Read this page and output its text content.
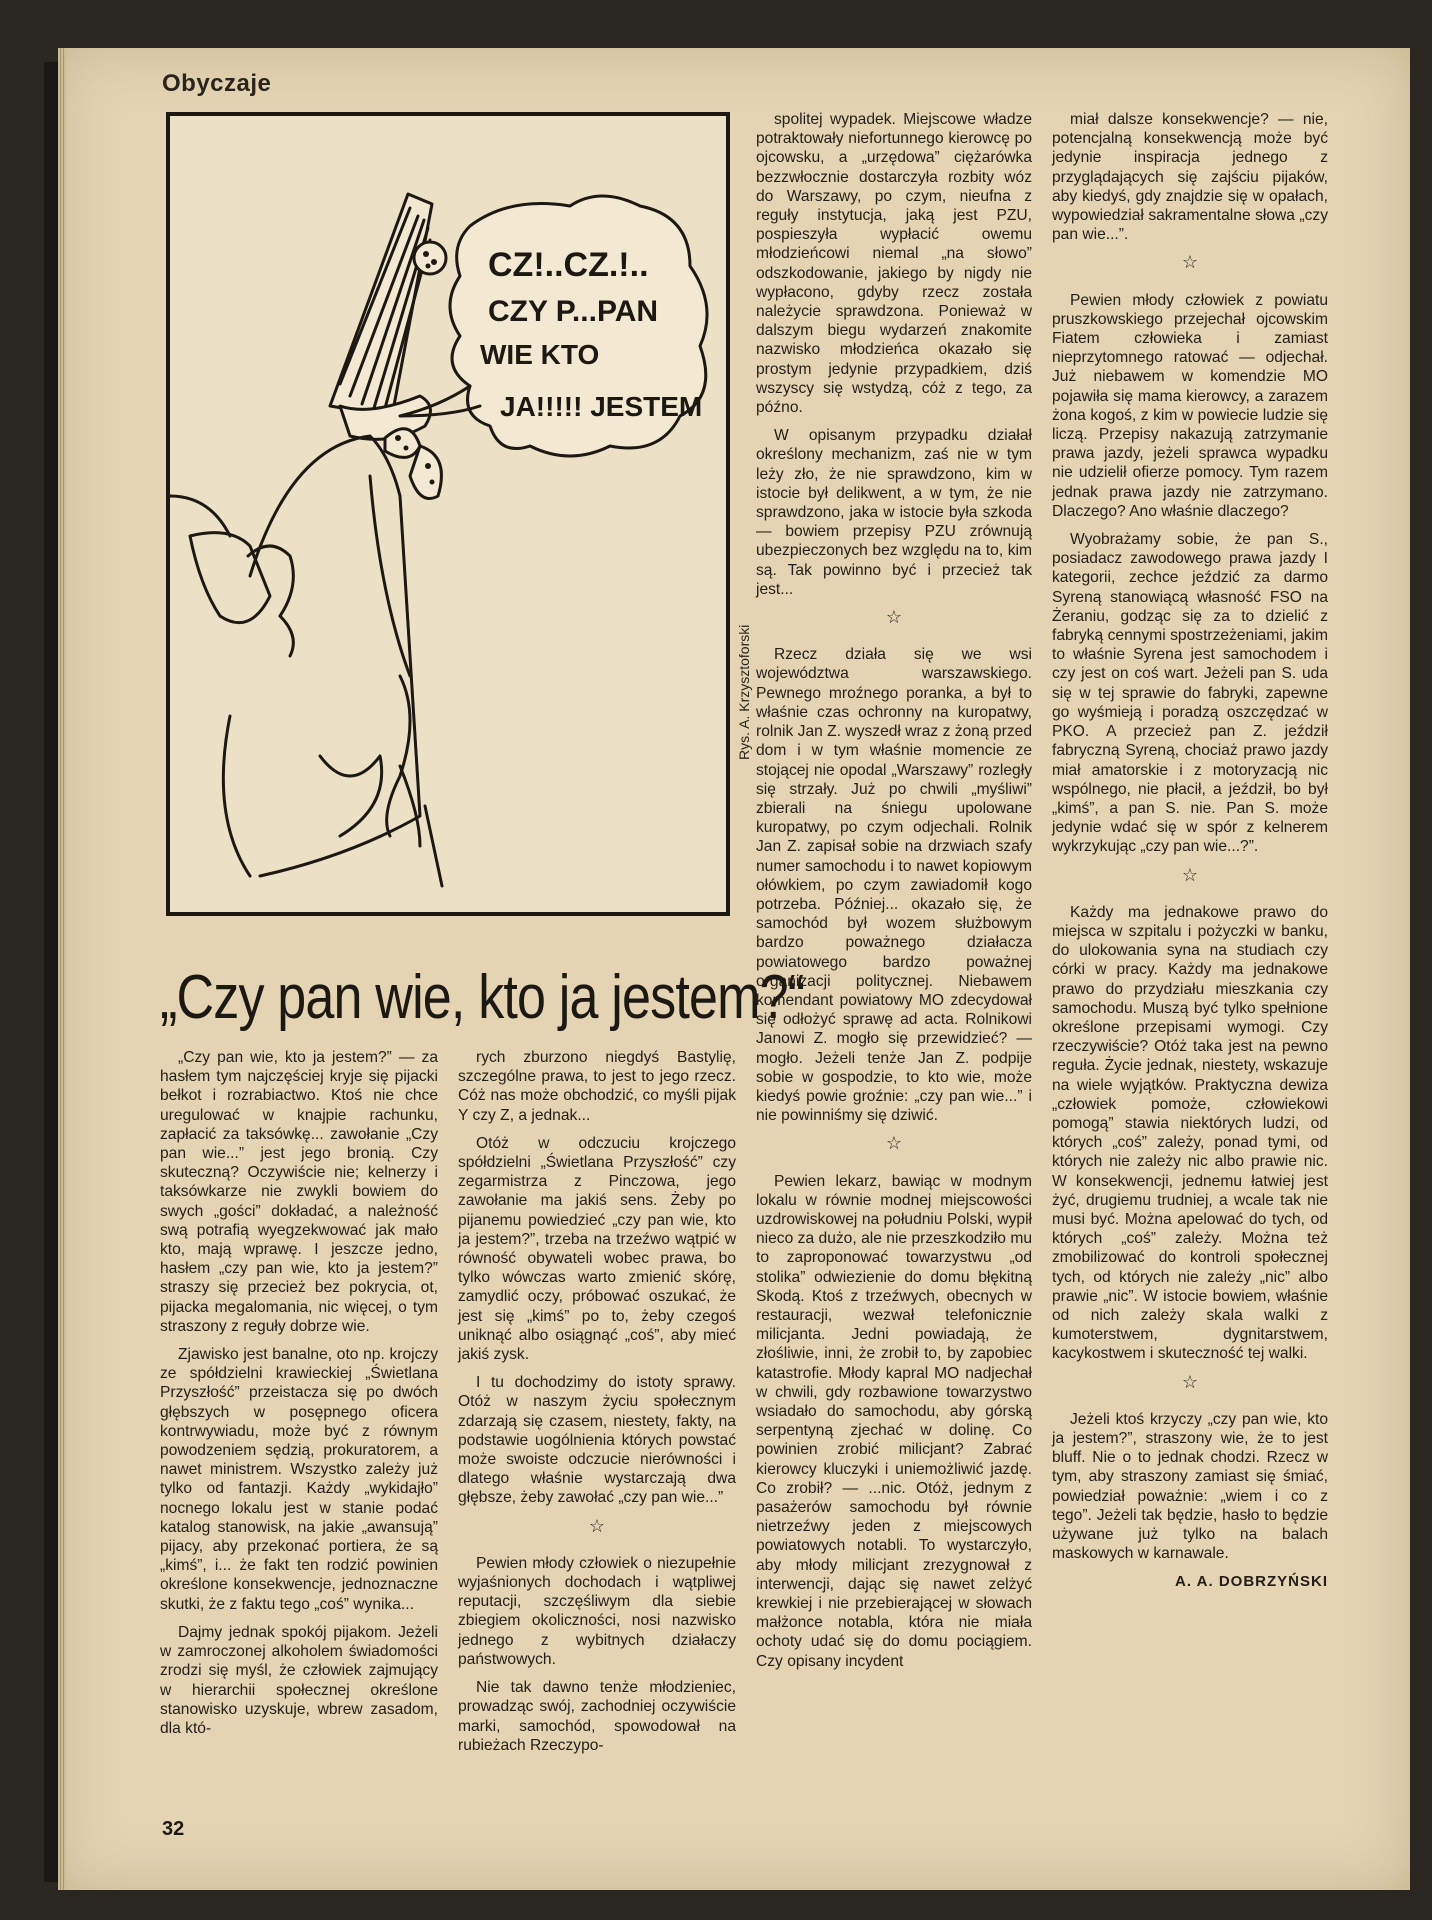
Obyczaje
CZ!..CZ.!..
CZY P...PAN
WIE KTO
JA!!!!! JESTEM
Rys. A. Krzysztoforski
„Czy pan wie, kto ja jestem?“

„Czy pan wie, kto ja jestem?” — za hasłem tym najczęściej kryje się pijacki bełkot i rozrabiactwo. Ktoś nie chce uregulować w knajpie rachunku, zapłacić za taksówkę... zawołanie „Czy pan wie...” jest jego bronią. Czy skuteczną? Oczywiście nie; kelnerzy i taksówkarze nie zwykli bowiem do swych „gości” dokładać, a należność swą potrafią wyegzekwować jak mało kto, mają wprawę. I jeszcze jedno, hasłem „czy pan wie, kto ja jestem?” straszy się przecież bez pokrycia, ot, pijacka megalomania, nic więcej, o tym straszony z reguły dobrze wie.

Zjawisko jest banalne, oto np. krojczy ze spółdzielni krawieckiej „Świetlana Przyszłość” przeistacza się po dwóch głębszych w posępnego oficera kontrwywiadu, może być z równym powodzeniem sędzią, prokuratorem, a nawet ministrem. Wszystko zależy już tylko od fantazji. Każdy „wykidajło” nocnego lokalu jest w stanie podać katalog stanowisk, na jakie „awansują” pijacy, aby przekonać portiera, że są „kimś”, i... że fakt ten rodzić powinien określone konsekwencje, jednoznaczne skutki, że z faktu tego „coś” wynika...

Dajmy jednak spokój pijakom. Jeżeli w zamroczonej alkoholem świadomości zrodzi się myśl, że człowiek zajmujący w hierarchii społecznej określone stanowisko uzyskuje, wbrew zasadom, dla któ-

rych zburzono niegdyś Bastylię, szczególne prawa, to jest to jego rzecz. Cóż nas może obchodzić, co myśli pijak Y czy Z, a jednak...

Otóż w odczuciu krojczego spółdzielni „Świetlana Przyszłość” czy zegarmistrza z Pinczowa, jego zawołanie ma jakiś sens. Żeby po pijanemu powiedzieć „czy pan wie, kto ja jestem?”, trzeba na trzeźwo wątpić w równość obywateli wobec prawa, bo tylko wówczas warto zmienić skórę, zamydlić oczy, próbować oszukać, że jest się „kimś” po to, żeby czegoś uniknąć albo osiągnąć „coś”, aby mieć jakiś zysk.

I tu dochodzimy do istoty sprawy. Otóż w naszym życiu społecznym zdarzają się czasem, niestety, fakty, na podstawie uogólnienia których powstać może swoiste odczucie nierówności i dlatego właśnie wystarczają dwa głębsze, żeby zawołać „czy pan wie...”

☆

Pewien młody człowiek o niezupełnie wyjaśnionych dochodach i wątpliwej reputacji, szczęśliwym dla siebie zbiegiem okoliczności, nosi nazwisko jednego z wybitnych działaczy państwowych.

Nie tak dawno tenże młodzieniec, prowadząc swój, zachodniej oczywiście marki, samochód, spowodował na rubieżach Rzeczypo-

spolitej wypadek. Miejscowe władze potraktowały niefortunnego kierowcę po ojcowsku, a „urzędowa” ciężarówka bezzwłocznie dostarczyła rozbity wóz do Warszawy, po czym, nieufna z reguły instytucja, jaką jest PZU, pospieszyła wypłacić owemu młodzieńcowi niemal „na słowo” odszkodowanie, jakiego by nigdy nie wypłacono, gdyby rzecz została należycie sprawdzona. Ponieważ w dalszym biegu wydarzeń znakomite nazwisko młodzieńca okazało się prostym jedynie przypadkiem, dziś wszyscy się wstydzą, cóż z tego, za późno.

W opisanym przypadku działał określony mechanizm, zaś nie w tym leży zło, że nie sprawdzono, kim w istocie był delikwent, a w tym, że nie sprawdzono, jaka w istocie była szkoda — bowiem przepisy PZU zrównują ubezpieczonych bez względu na to, kim są. Tak powinno być i przecież tak jest...

☆

Rzecz działa się we wsi województwa warszawskiego. Pewnego mroźnego poranka, a był to właśnie czas ochronny na kuropatwy, rolnik Jan Z. wyszedł wraz z żoną przed dom i w tym właśnie momencie ze stojącej nie opodal „Warszawy” rozległy się strzały. Już po chwili „myśliwi” zbierali na śniegu upolowane kuropatwy, po czym odjechali. Rolnik Jan Z. zapisał sobie na drzwiach szafy numer samochodu i to nawet kopiowym ołówkiem, po czym zawiadomił kogo potrzeba. Później... okazało się, że samochód był wozem służbowym bardzo poważnego działacza powiatowego bardzo poważnej organizacji politycznej. Niebawem komendant powiatowy MO zdecydował się odłożyć sprawę ad acta. Rolnikowi Janowi Z. mogło się przewidzieć? — mogło. Jeżeli tenże Jan Z. podpije sobie w gospodzie, to kto wie, może kiedyś powie groźnie: „czy pan wie...” i nie powinniśmy się dziwić.

☆

Pewien lekarz, bawiąc w modnym lokalu w równie modnej miejscowości uzdrowiskowej na południu Polski, wypił nieco za dużo, ale nie przeszkodziło mu to zaproponować towarzystwu „od stolika” odwiezienie do domu błękitną Skodą. Ktoś z trzeźwych, obecnych w restauracji, wezwał telefonicznie milicjanta. Jedni powiadają, że złośliwie, inni, że zrobił to, by zapobiec katastrofie. Młody kapral MO nadjechał w chwili, gdy rozbawione towarzystwo wsiadało do samochodu, aby górską serpentyną zjechać w dolinę. Co powinien zrobić milicjant? Zabrać kierowcy kluczyki i uniemożliwić jazdę. Co zrobił? — ...nic. Otóż, jednym z pasażerów samochodu był równie nietrzeźwy jeden z miejscowych powiatowych notabli. To wystarczyło, aby młody milicjant zrezygnował z interwencji, dając się nawet zelżyć krewkiej i nie przebierającej w słowach małżonce notabla, która nie miała ochoty udać się do domu pociągiem. Czy opisany incydent

miał dalsze konsekwencje? — nie, potencjalną konsekwencją może być jedynie inspiracja jednego z przyglądających się zajściu pijaków, aby kiedyś, gdy znajdzie się w opałach, wypowiedział sakramentalne słowa „czy pan wie...”.

☆

Pewien młody człowiek z powiatu pruszkowskiego przejechał ojcowskim Fiatem człowieka i zamiast nieprzytomnego ratować — odjechał. Już niebawem w komendzie MO pojawiła się mama kierowcy, a zarazem żona kogoś, z kim w powiecie ludzie się liczą. Przepisy nakazują zatrzymanie prawa jazdy, jeżeli sprawca wypadku nie udzielił ofierze pomocy. Tym razem jednak prawa jazdy nie zatrzymano. Dlaczego? Ano właśnie dlaczego?

Wyobrażamy sobie, że pan S., posiadacz zawodowego prawa jazdy I kategorii, zechce jeździć za darmo Syreną stanowiącą własność FSO na Żeraniu, godząc się za to dzielić z fabryką cennymi spostrzeżeniami, jakim to właśnie Syrena jest samochodem i czy jest on coś wart. Jeżeli pan S. uda się w tej sprawie do fabryki, zapewne go wyśmieją i poradzą oszczędzać w PKO. A przecież pan Z. jeździł fabryczną Syreną, chociaż prawo jazdy miał amatorskie i z motoryzacją nic wspólnego, nie płacił, a jeździł, bo był „kimś”, a pan S. nie. Pan S. może jedynie wdać się w spór z kelnerem wykrzykując „czy pan wie...?”.

☆

Każdy ma jednakowe prawo do miejsca w szpitalu i pożyczki w banku, do ulokowania syna na studiach czy córki w pracy. Każdy ma jednakowe prawo do przydziału mieszkania czy samochodu. Muszą być tylko spełnione określone przepisami wymogi. Czy rzeczywiście? Otóż taka jest na pewno reguła. Życie jednak, niestety, wskazuje na wiele wyjątków. Praktyczna dewiza „człowiek pomoże, człowiekowi pomogą” stawia niektórych ludzi, od których „coś” zależy, ponad tymi, od których nie zależy nic albo prawie nic. W konsekwencji, jednemu łatwiej jest żyć, drugiemu trudniej, a wcale tak nie musi być. Można apelować do tych, od których „coś” zależy. Można też zmobilizować do kontroli społecznej tych, od których nie zależy „nic” albo prawie „nic”. W istocie bowiem, właśnie od nich zależy skala walki z kumoterstwem, dygnitarstwem, kacykostwem i skuteczność tej walki.

☆

Jeżeli ktoś krzyczy „czy pan wie, kto ja jestem?”, straszony wie, że to jest bluff. Nie o to jednak chodzi. Rzecz w tym, aby straszony zamiast się śmiać, powiedział poważnie: „wiem i co z tego”. Jeżeli tak będzie, hasło to będzie używane już tylko na balach maskowych w karnawale.

A. A. DOBRZYŃSKI
32
